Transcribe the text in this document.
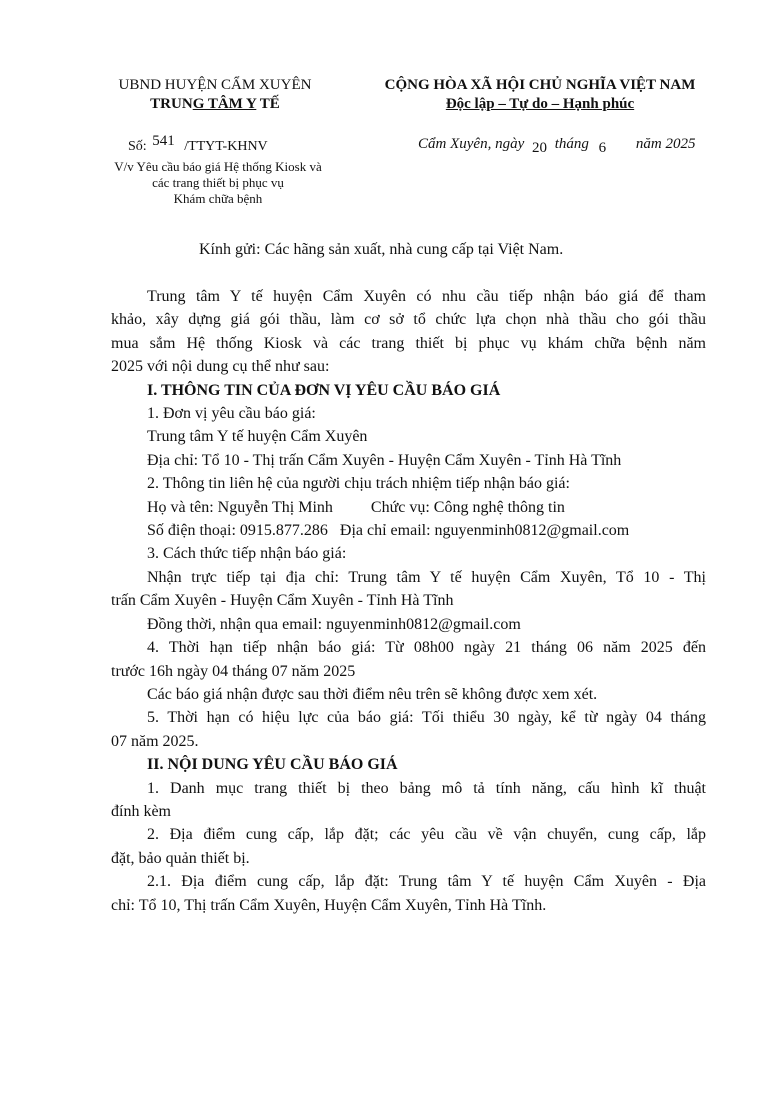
UBND HUYỆN CẨM XUYÊN
TRUNG TÂM Y TẾ
CỘNG HÒA XÃ HỘI CHỦ NGHĨA VIỆT NAM
Độc lập – Tự do – Hạnh phúc
Số: 541 /TTYT-KHNV
V/v Yêu cầu báo giá Hệ thống Kiosk và
các trang thiết bị phục vụ
Khám chữa bệnh
Cẩm Xuyên, ngày 20 tháng 6 năm 2025
Kính gửi: Các hãng sản xuất, nhà cung cấp tại Việt Nam.
Trung tâm Y tế huyện Cẩm Xuyên có nhu cầu tiếp nhận báo giá để tham
khảo, xây dựng giá gói thầu, làm cơ sở tổ chức lựa chọn nhà thầu cho gói thầu
mua sắm Hệ thống Kiosk và các trang thiết bị phục vụ khám chữa bệnh năm
2025 với nội dung cụ thể như sau:
I. THÔNG TIN CỦA ĐƠN VỊ YÊU CẦU BÁO GIÁ
1. Đơn vị yêu cầu báo giá:
Trung tâm Y tế huyện Cẩm Xuyên
Địa chỉ: Tổ 10 - Thị trấn Cẩm Xuyên - Huyện Cẩm Xuyên - Tỉnh Hà Tĩnh
2. Thông tin liên hệ của người chịu trách nhiệm tiếp nhận báo giá:
Họ và tên: Nguyễn Thị Minh Chức vụ: Công nghệ thông tin
Số điện thoại: 0915.877.286 Địa chỉ email: nguyenminh0812@gmail.com
3. Cách thức tiếp nhận báo giá:
Nhận trực tiếp tại địa chỉ: Trung tâm Y tế huyện Cẩm Xuyên, Tổ 10 - Thị
trấn Cẩm Xuyên - Huyện Cẩm Xuyên - Tỉnh Hà Tĩnh
Đồng thời, nhận qua email: nguyenminh0812@gmail.com
4. Thời hạn tiếp nhận báo giá: Từ 08h00 ngày 21 tháng 06 năm 2025 đến
trước 16h ngày 04 tháng 07 năm 2025
Các báo giá nhận được sau thời điểm nêu trên sẽ không được xem xét.
5. Thời hạn có hiệu lực của báo giá: Tối thiểu 30 ngày, kể từ ngày 04 tháng
07 năm 2025.
II. NỘI DUNG YÊU CẦU BÁO GIÁ
1. Danh mục trang thiết bị theo bảng mô tả tính năng, cấu hình kĩ thuật
đính kèm
2. Địa điểm cung cấp, lắp đặt; các yêu cầu về vận chuyển, cung cấp, lắp
đặt, bảo quản thiết bị.
2.1. Địa điểm cung cấp, lắp đặt: Trung tâm Y tế huyện Cẩm Xuyên - Địa
chỉ: Tổ 10, Thị trấn Cẩm Xuyên, Huyện Cẩm Xuyên, Tỉnh Hà Tĩnh.
